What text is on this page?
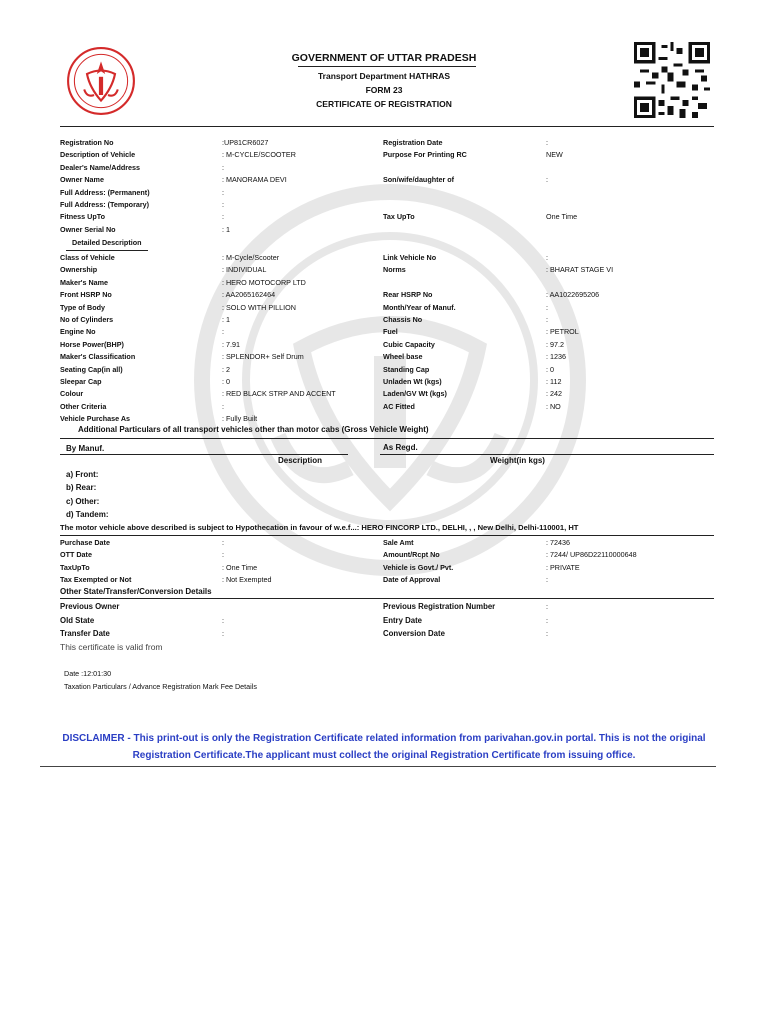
GOVERNMENT OF UTTAR PRADESH
Transport Department HATHRAS
FORM 23
CERTIFICATE OF REGISTRATION
Registration No	:UP81CR6027	Registration Date	:
Description of Vehicle	: M-CYCLE/SCOOTER	Purpose For Printing RC	NEW
Dealer's Name/Address	:
Owner Name	: MANORAMA DEVI	Son/wife/daughter of	:
Full Address: (Permanent)	:
Full Address: (Temporary)	:
Fitness UpTo	:	Tax UpTo	One Time
Owner Serial No	: 1
Detailed Description
Class of Vehicle	: M-Cycle/Scooter	Link Vehicle No	:
Ownership	: INDIVIDUAL	Norms	: BHARAT STAGE VI
Maker's Name	: HERO MOTOCORP LTD
Front HSRP No	: AA2065162464	Rear HSRP No	: AA1022695206
Type of Body	: SOLO WITH PILLION	Month/Year of Manuf.	:
No of Cylinders	: 1	Chassis No	:
Engine No	:	Fuel	: PETROL
Horse Power(BHP)	: 7.91	Cubic Capacity	: 97.2
Maker's Classification	: SPLENDOR+ Self Drum	Wheel base	: 1236
Seating Cap(in all)	: 2	Standing Cap	: 0
Sleepar Cap	: 0	Unladen Wt (kgs)	: 112
Colour	: RED BLACK STRP AND ACCENT	Laden/GV Wt (kgs)	: 242
Other Criteria	:	AC Fitted	: NO
Vehicle Purchase As	: Fully Built
Additional Particulars of all transport vehicles other than motor cabs (Gross Vehicle Weight)
By Manuf.	As Regd.
Description	Weight(in kgs)
a) Front:
b) Rear:
c) Other:
d) Tandem:
The motor vehicle above described is subject to Hypothecation in favour of w.e.f...: HERO FINCORP LTD., DELHI, , , New Delhi, Delhi-110001, HT
Purchase Date	:	Sale Amt	: 72436
OTT Date	:	Amount/Rcpt No	: 7244/ UP86D22110000648
TaxUpTo	: One Time	Vehicle is Govt./ Pvt.	: PRIVATE
Tax Exempted or Not	: Not Exempted	Date of Approval	:
Other State/Transfer/Conversion Details
Previous Owner	Previous Registration Number	:
Old State	:	Entry Date	:
Transfer Date	:	Conversion Date	:
This certificate is valid from
Date :12:01:30
Taxation Particulars / Advance Registration Mark Fee Details
DISCLAIMER - This print-out is only the Registration Certificate related information from parivahan.gov.in portal. This is not the original
Registration Certificate.The applicant must collect the original Registration Certificate from issuing office.
